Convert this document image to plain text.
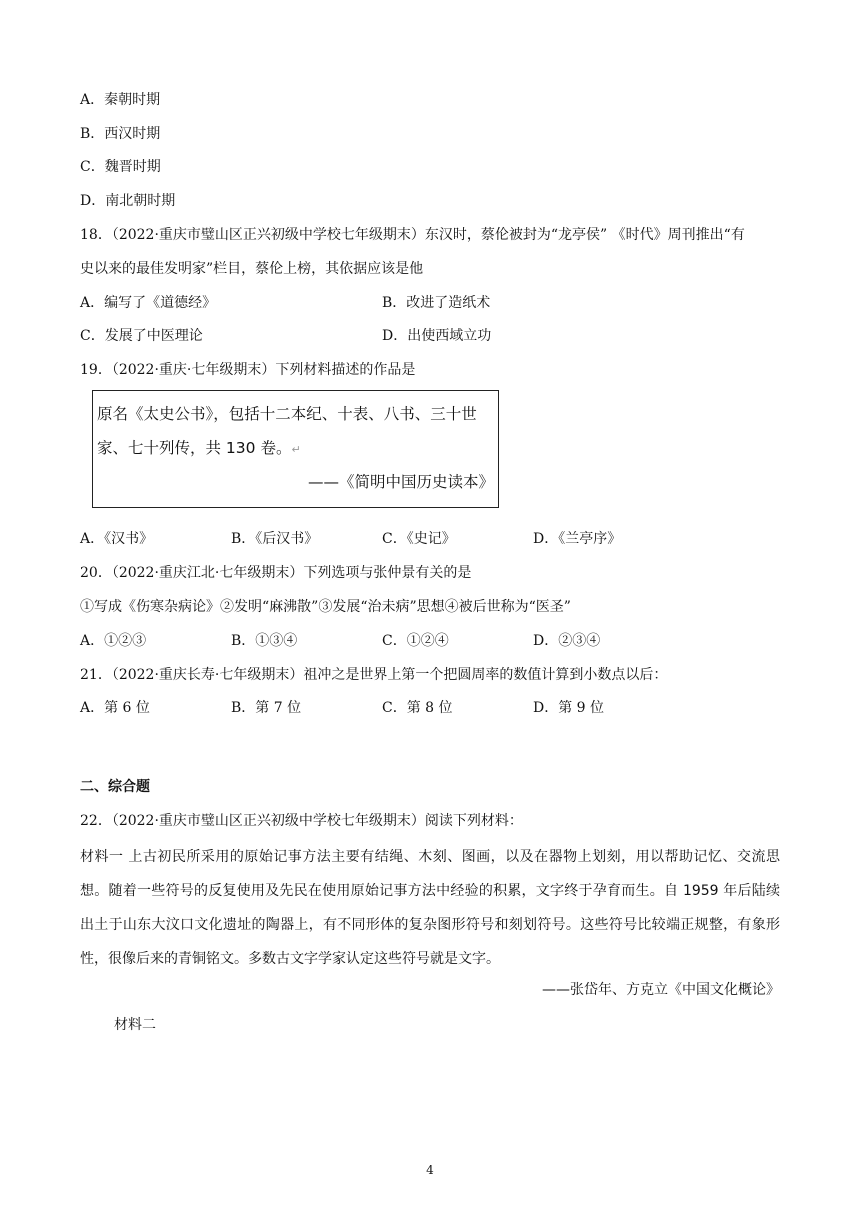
A．秦朝时期
B．西汉时期
C．魏晋时期
D．南北朝时期
18．（2022·重庆市璧山区正兴初级中学校七年级期末）东汉时，蔡伦被封为“龙亭侯” 《时代》周刊推出“有
史以来的最佳发明家”栏目，蔡伦上榜，其依据应该是他
A．编写了《道德经》	B．改进了造纸术
C．发展了中医理论	D．出使西域立功
19．（2022·重庆·七年级期末）下列材料描述的作品是
原名《太史公书》，包括十二本纪、十表、八书、三十世
家、七十列传，共 130 卷。↵
——《简明中国历史读本》
A．《汉书》	B．《后汉书》	C．《史记》	D．《兰亭序》
20．（2022·重庆江北·七年级期末）下列选项与张仲景有关的是
①写成《伤寒杂病论》②发明“麻沸散”③发展“治未病”思想④被后世称为“医圣”
A．①②③	B．①③④	C．①②④	D．②③④
21．（2022·重庆长寿·七年级期末）祖冲之是世界上第一个把圆周率的数值计算到小数点以后：
A．第 6 位	B．第 7 位	C．第 8 位	D．第 9 位
二、综合题
22．（2022·重庆市璧山区正兴初级中学校七年级期末）阅读下列材料：
材料一 上古初民所采用的原始记事方法主要有结绳、木刻、图画，以及在器物上划刻，用以帮助记忆、交流思想。随着一些符号的反复使用及先民在使用原始记事方法中经验的积累，文字终于孕育而生。自 1959 年后陆续出土于山东大汶口文化遗址的陶器上，有不同形体的复杂图形符号和刻划符号。这些符号比较端正规整，有象形性，很像后来的青铜铭文。多数古文字学家认定这些符号就是文字。
——张岱年、方克立《中国文化概论》
材料二
4
